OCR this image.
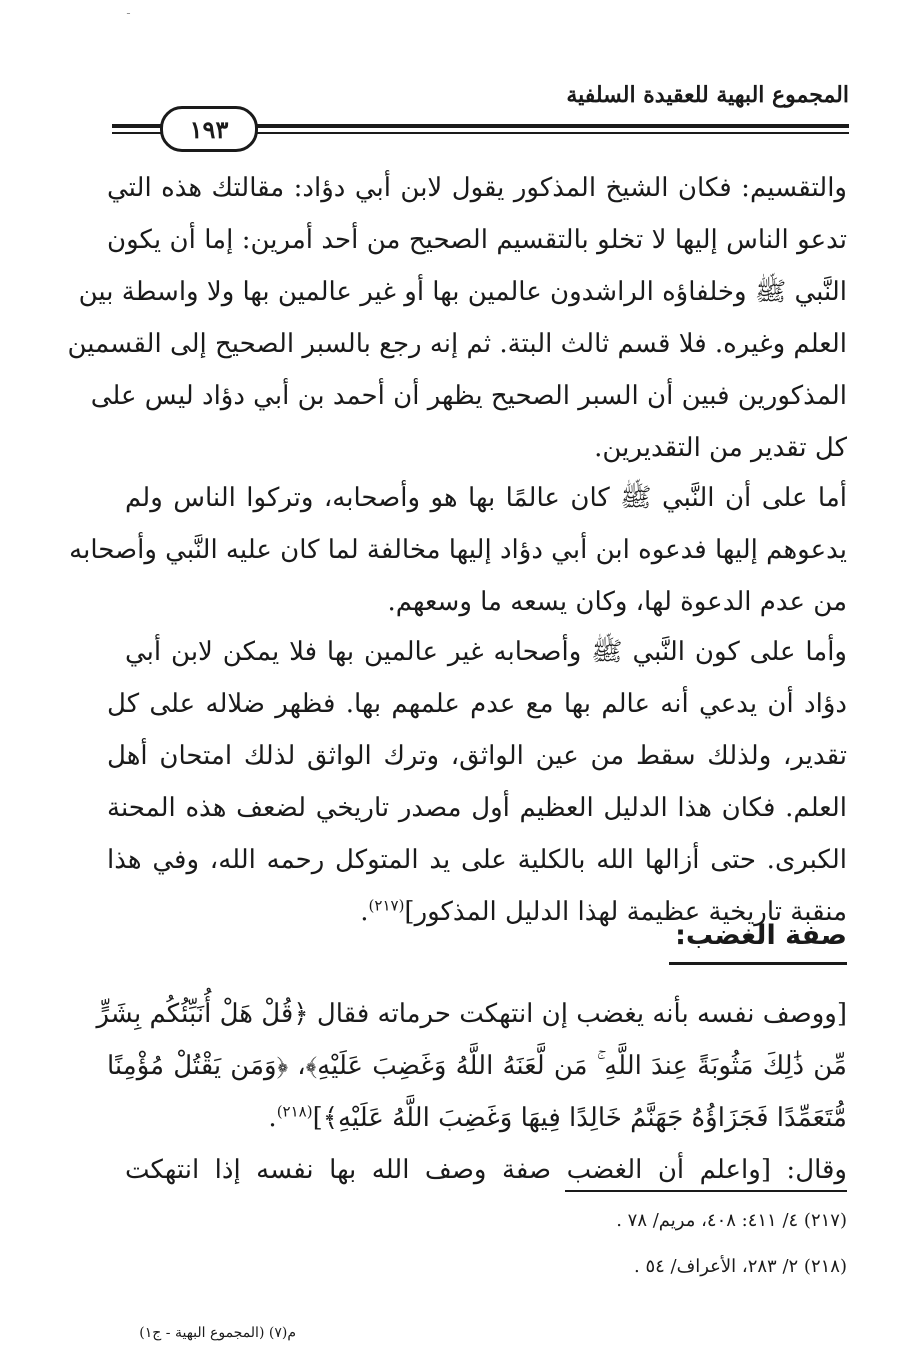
ـ
المجموع البهية للعقيدة السلفية
١٩٣
والتقسيم: فكان الشيخ المذكور يقول لابن أبي دؤاد: مقالتك هذه التي
تدعو الناس إليها لا تخلو بالتقسيم الصحيح من أحد أمرين: إما أن يكون
النَّبي ﷺ وخلفاؤه الراشدون عالمين بها أو غير عالمين بها ولا واسطة بين
العلم وغيره. فلا قسم ثالث البتة. ثم إنه رجع بالسبر الصحيح إلى القسمين
المذكورين فبين أن السبر الصحيح يظهر أن أحمد بن أبي دؤاد ليس على
كل تقدير من التقديرين.
أما على أن النَّبي ﷺ كان عالمًا بها هو وأصحابه، وتركوا الناس ولم
يدعوهم إليها فدعوه ابن أبي دؤاد إليها مخالفة لما كان عليه النَّبي وأصحابه
من عدم الدعوة لها، وكان يسعه ما وسعهم.
وأما على كون النَّبي ﷺ وأصحابه غير عالمين بها فلا يمكن لابن أبي
دؤاد أن يدعي أنه عالم بها مع عدم علمهم بها. فظهر ضلاله على كل
تقدير، ولذلك سقط من عين الواثق، وترك الواثق لذلك امتحان أهل
العلم. فكان هذا الدليل العظيم أول مصدر تاريخي لضعف هذه المحنة
الكبرى. حتى أزالها الله بالكلية على يد المتوكل رحمه الله، وفي هذا
منقبة تاريخية عظيمة لهذا الدليل المذكور]$^{(٢١٧)}$.
صفة الغضب:
[ووصف نفسه بأنه يغضب إن انتهكت حرماته فقال ﴿قُلْ هَلْ أُنَبِّئُكُم بِشَرٍّ
مِّن ذَٰلِكَ مَثُوبَةً عِندَ اللَّهِ ۚ مَن لَّعَنَهُ اللَّهُ وَغَضِبَ عَلَيْهِ﴾، ﴿وَمَن يَقْتُلْ مُؤْمِنًا
مُّتَعَمِّدًا فَجَزَاؤُهُ جَهَنَّمُ خَالِدًا فِيهَا وَغَضِبَ اللَّهُ عَلَيْهِ﴾]$^{(٢١٨)}$.
وقال: [واعلم أن الغضب صفة وصف الله بها نفسه إذا انتهكت
(٢١٧) ٤/ ٤١١: ٤٠٨، مريم/ ٧٨ .
(٢١٨) ٢/ ٢٨٣، الأعراف/ ٥٤ .
م(٧) (المجموع البهية - ج١)
